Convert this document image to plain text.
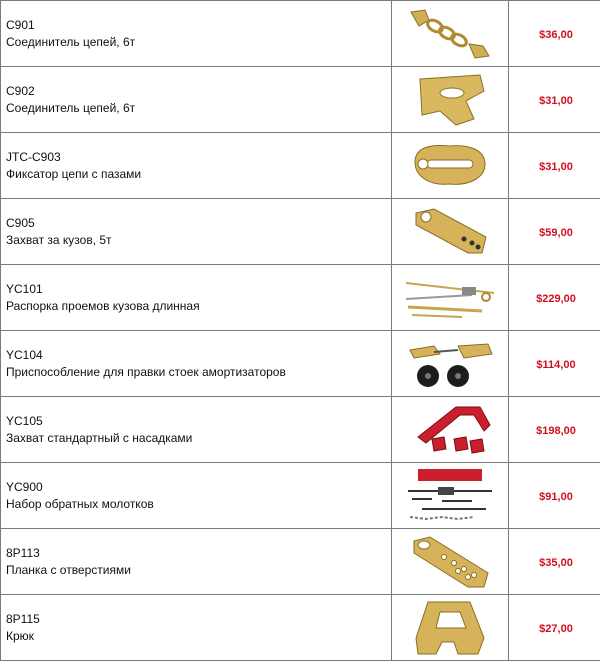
C901
Соединитель цепей, 6т		$36,00

C902
Соединитель цепей, 6т		$31,00

JTC-C903
Фиксатор цепи с пазами		$31,00

C905
Захват за кузов, 5т		$59,00

YC101
Распорка проемов кузова длинная		$229,00

YC104
Приспособление для правки стоек амортизаторов		$114,00

YC105
Захват стандартный с насадками		$198,00

YC900
Набор обратных молотков		$91,00

8P113
Планка с отверстиями		$35,00

8P115
Крюк		$27,00
